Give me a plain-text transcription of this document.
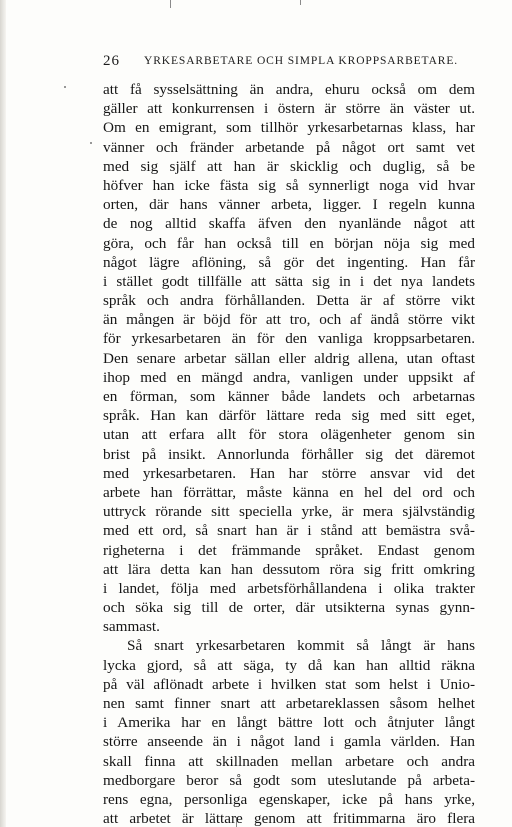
26 YRKESARBETARE OCH SIMPLA KROPPSARBETARE.
att få sysselsättning än andra, ehuru också om dem
gäller att konkurrensen i östern är större än väster ut.
Om en emigrant, som tillhör yrkesarbetarnas klass, har
vänner och fränder arbetande på något ort samt vet
med sig själf att han är skicklig och duglig, så be
höfver han icke fästa sig så synnerligt noga vid hvar
orten, där hans vänner arbeta, ligger. I regeln kunna
de nog alltid skaffa äfven den nyanlände något att
göra, och får han också till en början nöja sig med
något lägre aflöning, så gör det ingenting. Han får
i stället godt tillfälle att sätta sig in i det nya landets
språk och andra förhållanden. Detta är af större vikt
än mången är böjd för att tro, och af ändå större vikt
för yrkesarbetaren än för den vanliga kroppsarbetaren.
Den senare arbetar sällan eller aldrig allena, utan oftast
ihop med en mängd andra, vanligen under uppsikt af
en förman, som känner både landets och arbetarnas
språk. Han kan därför lättare reda sig med sitt eget,
utan att erfara allt för stora olägenheter genom sin
brist på insikt. Annorlunda förhåller sig det däremot
med yrkesarbetaren. Han har större ansvar vid det
arbete han förrättar, måste känna en hel del ord och
uttryck rörande sitt speciella yrke, är mera självständig
med ett ord, så snart han är i stånd att bemästra svå-
righeterna i det främmande språket. Endast genom
att lära detta kan han dessutom röra sig fritt omkring
i landet, följa med arbetsförhållandena i olika trakter
och söka sig till de orter, där utsikterna synas gynn-
sammast.
Så snart yrkesarbetaren kommit så långt är hans
lycka gjord, så att säga, ty då kan han alltid räkna
på väl aflönadt arbete i hvilken stat som helst i Unio-
nen samt finner snart att arbetareklassen såsom helhet
i Amerika har en långt bättre lott och åtnjuter långt
större anseende än i något land i gamla världen. Han
skall finna att skillnaden mellan arbetare och andra
medborgare beror så godt som uteslutande på arbeta-
rens egna, personliga egenskaper, icke på hans yrke,
att arbetet är lättare genom att fritimmarna äro flera
